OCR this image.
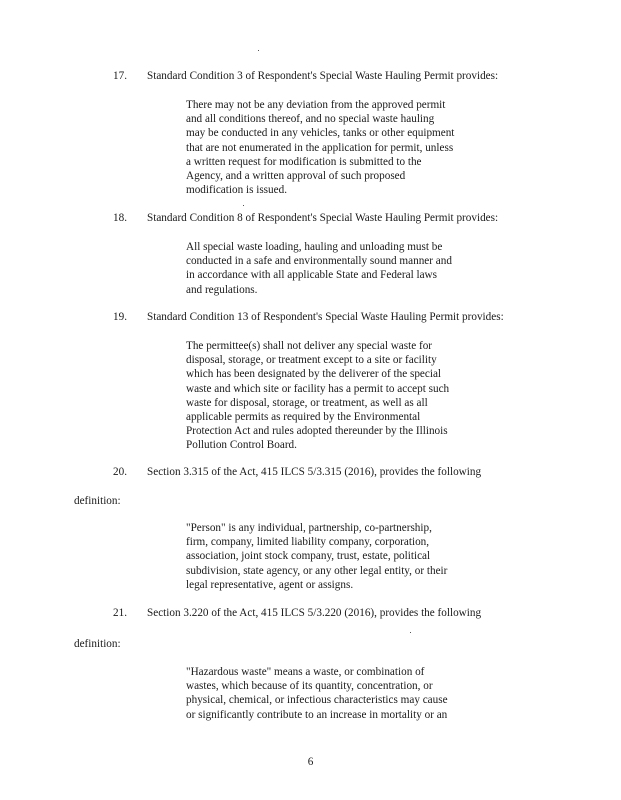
17. Standard Condition 3 of Respondent's Special Waste Hauling Permit provides:
There may not be any deviation from the approved permit
and all conditions thereof, and no special waste hauling
may be conducted in any vehicles, tanks or other equipment
that are not enumerated in the application for permit, unless
a written request for modification is submitted to the
Agency, and a written approval of such proposed
modification is issued.
18. Standard Condition 8 of Respondent's Special Waste Hauling Permit provides:
All special waste loading, hauling and unloading must be
conducted in a safe and environmentally sound manner and
in accordance with all applicable State and Federal laws
and regulations.
19. Standard Condition 13 of Respondent's Special Waste Hauling Permit provides:
The permittee(s) shall not deliver any special waste for
disposal, storage, or treatment except to a site or facility
which has been designated by the deliverer of the special
waste and which site or facility has a permit to accept such
waste for disposal, storage, or treatment, as well as all
applicable permits as required by the Environmental
Protection Act and rules adopted thereunder by the Illinois
Pollution Control Board.
20. Section 3.315 of the Act, 415 ILCS 5/3.315 (2016), provides the following
definition:
"Person" is any individual, partnership, co-partnership,
firm, company, limited liability company, corporation,
association, joint stock company, trust, estate, political
subdivision, state agency, or any other legal entity, or their
legal representative, agent or assigns.
21. Section 3.220 of the Act, 415 ILCS 5/3.220 (2016), provides the following
definition:
"Hazardous waste" means a waste, or combination of
wastes, which because of its quantity, concentration, or
physical, chemical, or infectious characteristics may cause
or significantly contribute to an increase in mortality or an
6
